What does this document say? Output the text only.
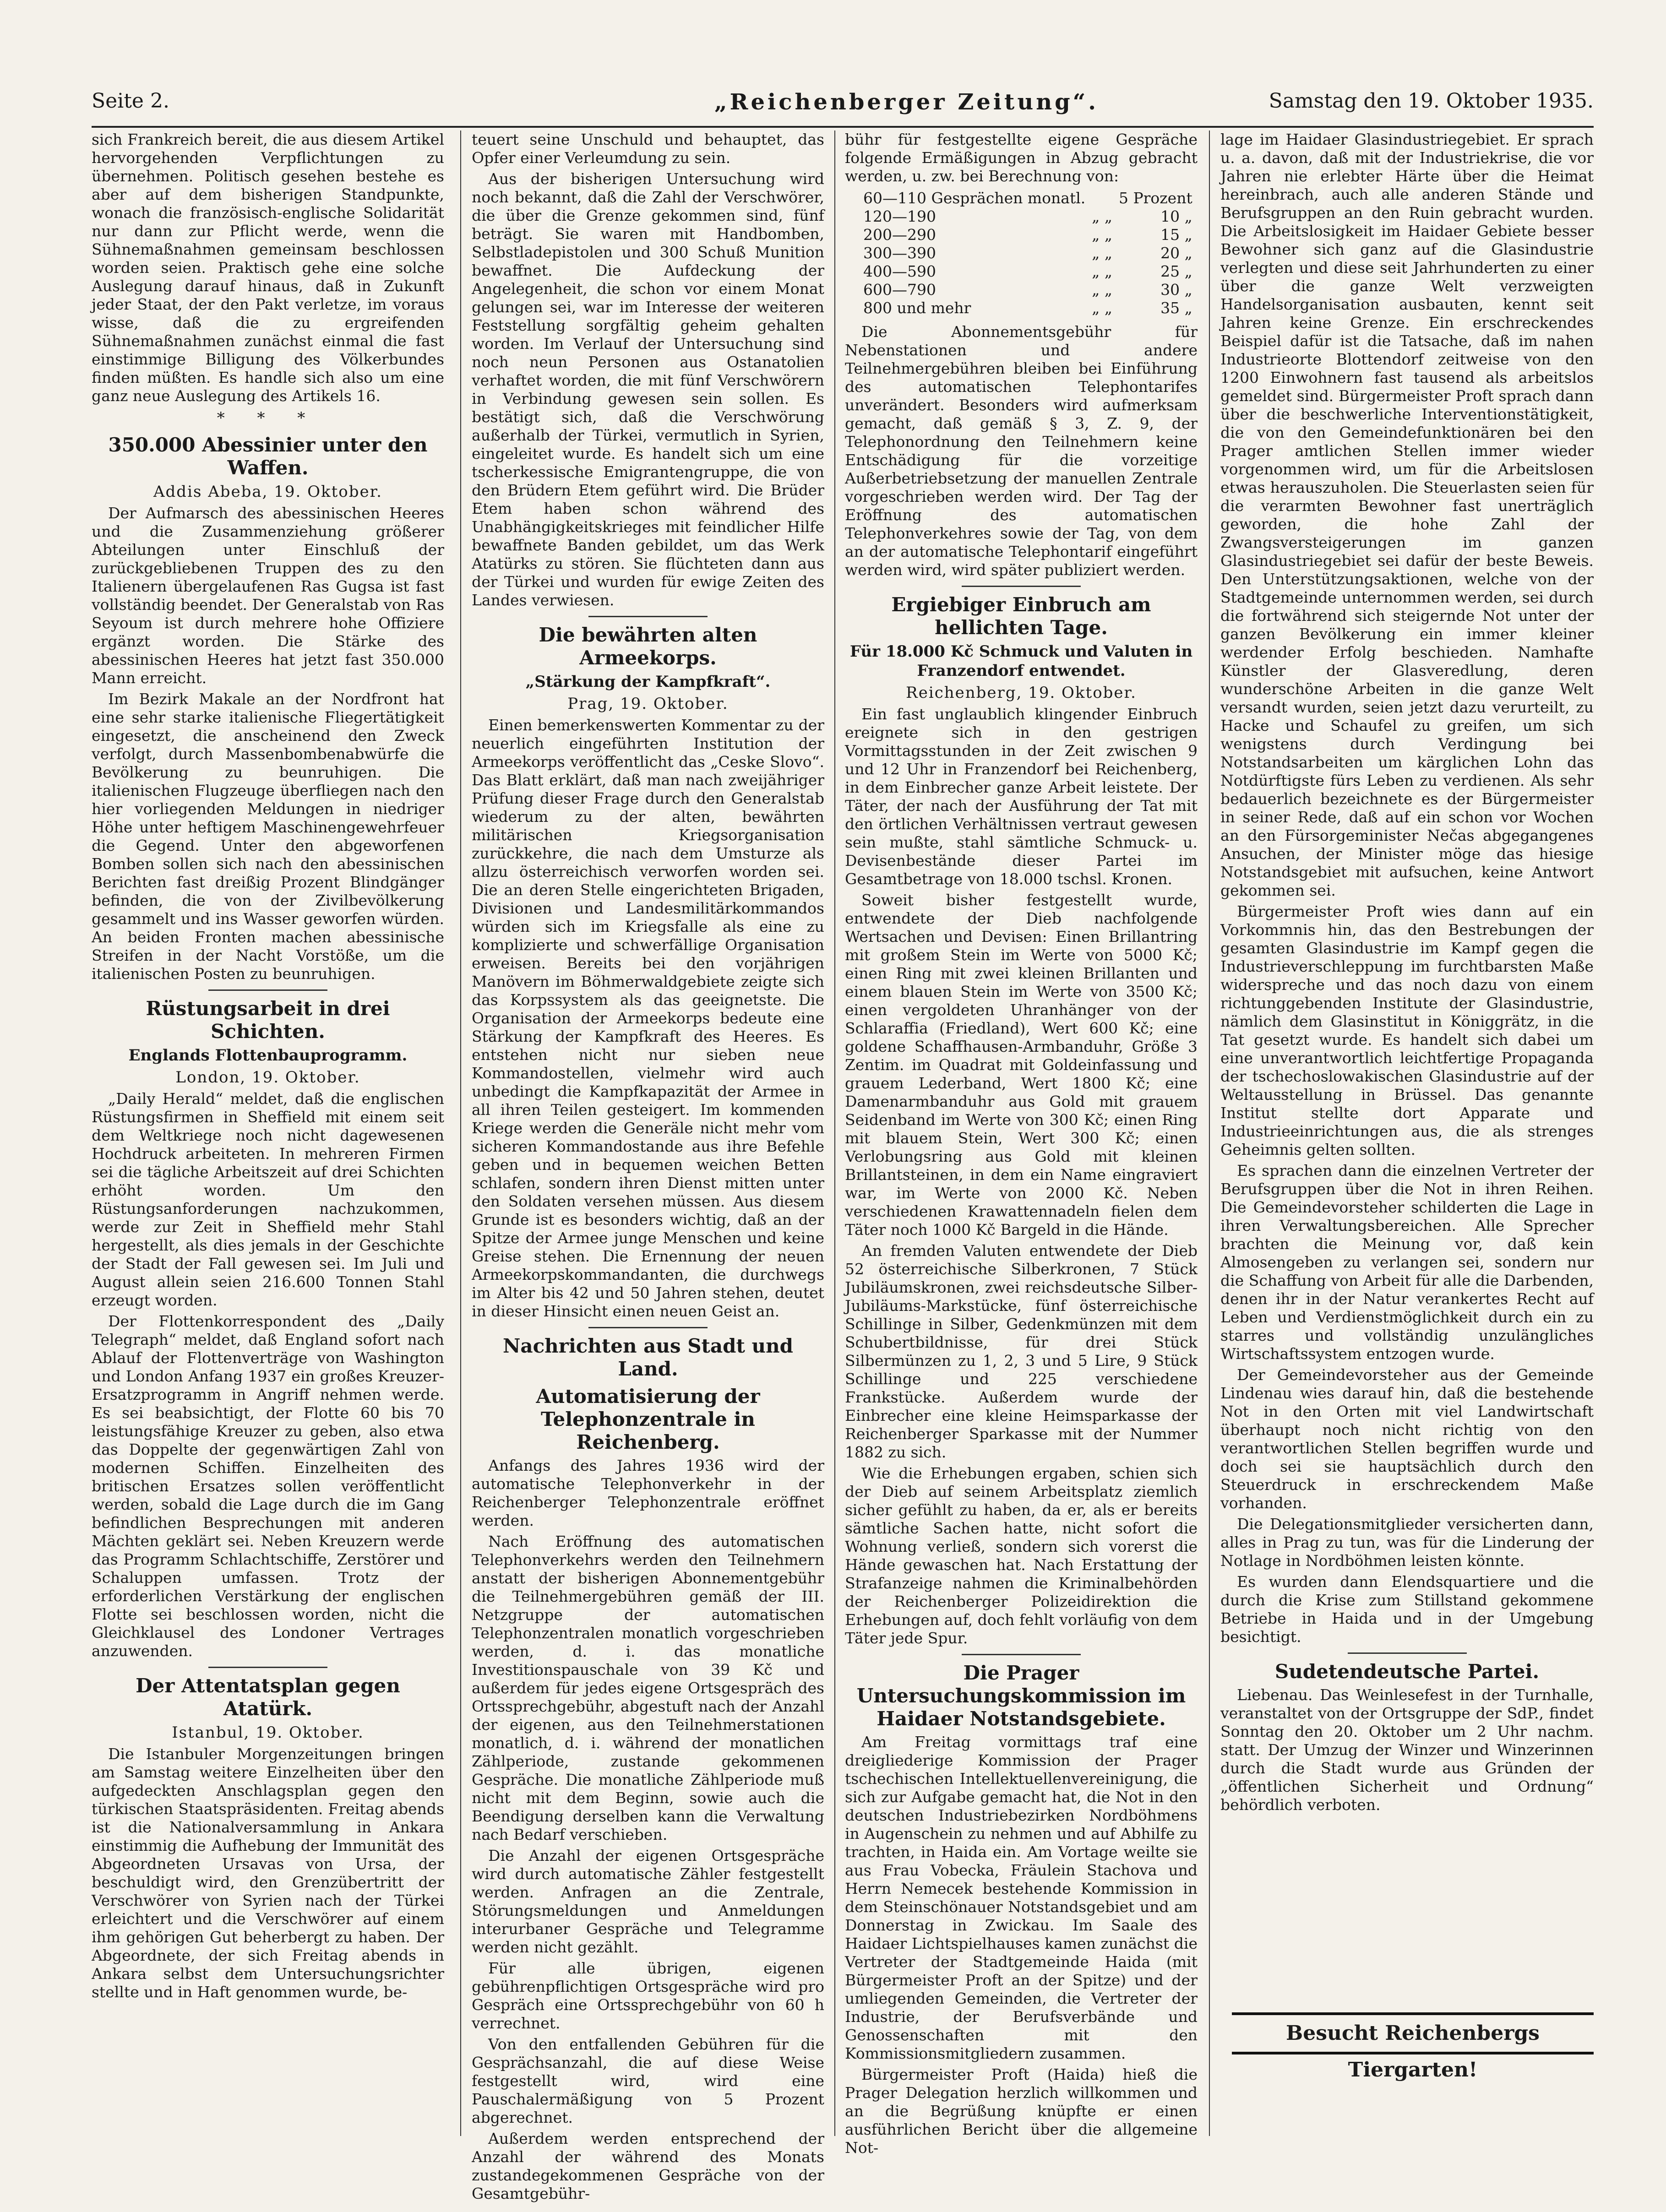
Seite 2.	„Reichenberger Zeitung“.	Samstag den 19. Oktober 1935.

sich Frankreich bereit, die aus diesem Artikel hervorgehenden Verpflichtungen zu übernehmen. Politisch gesehen bestehe es aber auf dem bisherigen Standpunkte, wonach die französisch-englische Solidarität nur dann zur Pflicht werde, wenn die Sühnemaßnahmen gemeinsam beschlossen worden seien. Praktisch gehe eine solche Auslegung darauf hinaus, daß in Zukunft jeder Staat, der den Pakt verletze, im voraus wisse, daß die zu ergreifenden Sühnemaßnahmen zunächst einmal die fast einstimmige Billigung des Völkerbundes finden müßten. Es handle sich also um eine ganz neue Auslegung des Artikels 16.

* * *
350.000 Abessinier unter den Waffen.
Addis Abeba, 19. Oktober.

Der Aufmarsch des abessinischen Heeres und die Zusammenziehung größerer Abteilungen unter Einschluß der zurückgebliebenen Truppen des zu den Italienern übergelaufenen Ras Gugsa ist fast vollständig beendet. Der Generalstab von Ras Seyoum ist durch mehrere hohe Offiziere ergänzt worden. Die Stärke des abessinischen Heeres hat jetzt fast 350.000 Mann erreicht.

Im Bezirk Makale an der Nordfront hat eine sehr starke italienische Fliegertätigkeit eingesetzt, die anscheinend den Zweck verfolgt, durch Massenbombenabwürfe die Bevölkerung zu beunruhigen. Die italienischen Flugzeuge überfliegen nach den hier vorliegenden Meldungen in niedriger Höhe unter heftigem Maschinengewehrfeuer die Gegend. Unter den abgeworfenen Bomben sollen sich nach den abessinischen Berichten fast dreißig Prozent Blindgänger befinden, die von der Zivilbevölkerung gesammelt und ins Wasser geworfen würden. An beiden Fronten machen abessinische Streifen in der Nacht Vorstöße, um die italienischen Posten zu beunruhigen.

Rüstungsarbeit in drei Schichten.
Englands Flottenbauprogramm.
London, 19. Oktober.

„Daily Herald“ meldet, daß die englischen Rüstungsfirmen in Sheffield mit einem seit dem Weltkriege noch nicht dagewesenen Hochdruck arbeiteten. In mehreren Firmen sei die tägliche Arbeitszeit auf drei Schichten erhöht worden. Um den Rüstungsanforderungen nachzukommen, werde zur Zeit in Sheffield mehr Stahl hergestellt, als dies jemals in der Geschichte der Stadt der Fall gewesen sei. Im Juli und August allein seien 216.600 Tonnen Stahl erzeugt worden.

Der Flottenkorrespondent des „Daily Telegraph“ meldet, daß England sofort nach Ablauf der Flottenverträge von Washington und London Anfang 1937 ein großes Kreuzer-Ersatzprogramm in Angriff nehmen werde. Es sei beabsichtigt, der Flotte 60 bis 70 leistungsfähige Kreuzer zu geben, also etwa das Doppelte der gegenwärtigen Zahl von modernen Schiffen. Einzelheiten des britischen Ersatzes sollen veröffentlicht werden, sobald die Lage durch die im Gang befindlichen Besprechungen mit anderen Mächten geklärt sei. Neben Kreuzern werde das Programm Schlachtschiffe, Zerstörer und Schaluppen umfassen. Trotz der erforderlichen Verstärkung der englischen Flotte sei beschlossen worden, nicht die Gleichklausel des Londoner Vertrages anzuwenden.

Der Attentatsplan gegen Atatürk.
Istanbul, 19. Oktober.

Die Istanbuler Morgenzeitungen bringen am Samstag weitere Einzelheiten über den aufgedeckten Anschlagsplan gegen den türkischen Staatspräsidenten. Freitag abends ist die Nationalversammlung in Ankara einstimmig die Aufhebung der Immunität des Abgeordneten Ursavas von Ursa, der beschuldigt wird, den Grenzübertritt der Verschwörer von Syrien nach der Türkei erleichtert und die Verschwörer auf einem ihm gehörigen Gut beherbergt zu haben. Der Abgeordnete, der sich Freitag abends in Ankara selbst dem Untersuchungsrichter stellte und in Haft genommen wurde, be-

teuert seine Unschuld und behauptet, das Opfer einer Verleumdung zu sein.

Aus der bisherigen Untersuchung wird noch bekannt, daß die Zahl der Verschwörer, die über die Grenze gekommen sind, fünf beträgt. Sie waren mit Handbomben, Selbstladepistolen und 300 Schuß Munition bewaffnet. Die Aufdeckung der Angelegenheit, die schon vor einem Monat gelungen sei, war im Interesse der weiteren Feststellung sorgfältig geheim gehalten worden. Im Verlauf der Untersuchung sind noch neun Personen aus Ostanatolien verhaftet worden, die mit fünf Verschwörern in Verbindung gewesen sein sollen. Es bestätigt sich, daß die Verschwörung außerhalb der Türkei, vermutlich in Syrien, eingeleitet wurde. Es handelt sich um eine tscherkessische Emigrantengruppe, die von den Brüdern Etem geführt wird. Die Brüder Etem haben schon während des Unabhängigkeitskrieges mit feindlicher Hilfe bewaffnete Banden gebildet, um das Werk Atatürks zu stören. Sie flüchteten dann aus der Türkei und wurden für ewige Zeiten des Landes verwiesen.

Die bewährten alten Armeekorps.
„Stärkung der Kampfkraft“.
Prag, 19. Oktober.

Einen bemerkenswerten Kommentar zu der neuerlich eingeführten Institution der Armeekorps veröffentlicht das „Ceske Slovo“. Das Blatt erklärt, daß man nach zweijähriger Prüfung dieser Frage durch den Generalstab wiederum zu der alten, bewährten militärischen Kriegsorganisation zurückkehre, die nach dem Umsturze als allzu österreichisch verworfen worden sei. Die an deren Stelle eingerichteten Brigaden, Divisionen und Landesmilitärkommandos würden sich im Kriegsfalle als eine zu komplizierte und schwerfällige Organisation erweisen. Bereits bei den vorjährigen Manövern im Böhmerwaldgebiete zeigte sich das Korpssystem als das geeignetste. Die Organisation der Armeekorps bedeute eine Stärkung der Kampfkraft des Heeres. Es entstehen nicht nur sieben neue Kommandostellen, vielmehr wird auch unbedingt die Kampfkapazität der Armee in all ihren Teilen gesteigert. Im kommenden Kriege werden die Generäle nicht mehr vom sicheren Kommandostande aus ihre Befehle geben und in bequemen weichen Betten schlafen, sondern ihren Dienst mitten unter den Soldaten versehen müssen. Aus diesem Grunde ist es besonders wichtig, daß an der Spitze der Armee junge Menschen und keine Greise stehen. Die Ernennung der neuen Armeekorpskommandanten, die durchwegs im Alter bis 42 und 50 Jahren stehen, deutet in dieser Hinsicht einen neuen Geist an.

Nachrichten aus Stadt und Land.
Automatisierung der Telephonzentrale in Reichenberg.

Anfangs des Jahres 1936 wird der automatische Telephonverkehr in der Reichenberger Telephonzentrale eröffnet werden.

Nach Eröffnung des automatischen Telephonverkehrs werden den Teilnehmern anstatt der bisherigen Abonnementgebühr die Teilnehmergebühren gemäß der III. Netzgruppe der automatischen Telephonzentralen monatlich vorgeschrieben werden, d. i. das monatliche Investitionspauschale von 39 Kč und außerdem für jedes eigene Ortsgespräch des Ortssprechgebühr, abgestuft nach der Anzahl der eigenen, aus den Teilnehmerstationen monatlich, d. i. während der monatlichen Zählperiode, zustande gekommenen Gespräche. Die monatliche Zählperiode muß nicht mit dem Beginn, sowie auch die Beendigung derselben kann die Verwaltung nach Bedarf verschieben.

Die Anzahl der eigenen Ortsgespräche wird durch automatische Zähler festgestellt werden. Anfragen an die Zentrale, Störungsmeldungen und Anmeldungen interurbaner Gespräche und Telegramme werden nicht gezählt.

Für alle übrigen, eigenen gebührenpflichtigen Ortsgespräche wird pro Gespräch eine Ortssprechgebühr von 60 h verrechnet.

Von den entfallenden Gebühren für die Gesprächsanzahl, die auf diese Weise festgestellt wird, wird eine Pauschalermäßigung von 5 Prozent abgerechnet.

Außerdem werden entsprechend der Anzahl der während des Monats zustandegekommenen Gespräche von der Gesamtgebühr-

bühr für festgestellte eigene Gespräche folgende Ermäßigungen in Abzug gebracht werden, u. zw. bei Berechnung von:

60—110 Gesprächen monatl.		5 Prozent
120—190	„ „	10 „
200—290	„ „	15 „
300—390	„ „	20 „
400—590	„ „	25 „
600—790	„ „	30 „
800 und mehr	„ „	35 „

Die Abonnementsgebühr für Nebenstationen und andere Teilnehmergebühren bleiben bei Einführung des automatischen Telephontarifes unverändert. Besonders wird aufmerksam gemacht, daß gemäß § 3, Z. 9, der Telephonordnung den Teilnehmern keine Entschädigung für die vorzeitige Außerbetriebsetzung der manuellen Zentrale vorgeschrieben werden wird. Der Tag der Eröffnung des automatischen Telephonverkehres sowie der Tag, von dem an der automatische Telephontarif eingeführt werden wird, wird später publiziert werden.

Ergiebiger Einbruch am hellichten Tage.
Für 18.000 Kč Schmuck und Valuten in Franzendorf entwendet.
Reichenberg, 19. Oktober.

Ein fast unglaublich klingender Einbruch ereignete sich in den gestrigen Vormittagsstunden in der Zeit zwischen 9 und 12 Uhr in Franzendorf bei Reichenberg, in dem Einbrecher ganze Arbeit leistete. Der Täter, der nach der Ausführung der Tat mit den örtlichen Verhältnissen vertraut gewesen sein mußte, stahl sämtliche Schmuck- u. Devisenbestände dieser Partei im Gesamtbetrage von 18.000 tschsl. Kronen.

Soweit bisher festgestellt wurde, entwendete der Dieb nachfolgende Wertsachen und Devisen: Einen Brillantring mit großem Stein im Werte von 5000 Kč; einen Ring mit zwei kleinen Brillanten und einem blauen Stein im Werte von 3500 Kč; einen vergoldeten Uhranhänger von der Schlaraffia (Friedland), Wert 600 Kč; eine goldene Schaffhausen-Armbanduhr, Größe 3 Zentim. im Quadrat mit Goldeinfassung und grauem Lederband, Wert 1800 Kč; eine Damenarmbanduhr aus Gold mit grauem Seidenband im Werte von 300 Kč; einen Ring mit blauem Stein, Wert 300 Kč; einen Verlobungsring aus Gold mit kleinen Brillantsteinen, in dem ein Name eingraviert war, im Werte von 2000 Kč. Neben verschiedenen Krawattennadeln fielen dem Täter noch 1000 Kč Bargeld in die Hände.

An fremden Valuten entwendete der Dieb 52 österreichische Silberkronen, 7 Stück Jubiläumskronen, zwei reichsdeutsche Silber-Jubiläums-Markstücke, fünf österreichische Schillinge in Silber, Gedenkmünzen mit dem Schubertbildnisse, für drei Stück Silbermünzen zu 1, 2, 3 und 5 Lire, 9 Stück Schillinge und 225 verschiedene Frankstücke. Außerdem wurde der Einbrecher eine kleine Heimsparkasse der Reichenberger Sparkasse mit der Nummer 1882 zu sich.

Wie die Erhebungen ergaben, schien sich der Dieb auf seinem Arbeitsplatz ziemlich sicher gefühlt zu haben, da er, als er bereits sämtliche Sachen hatte, nicht sofort die Wohnung verließ, sondern sich vorerst die Hände gewaschen hat. Nach Erstattung der Strafanzeige nahmen die Kriminalbehörden der Reichenberger Polizeidirektion die Erhebungen auf, doch fehlt vorläufig von dem Täter jede Spur.

Die Prager Untersuchungskommission im Haidaer Notstandsgebiete.

Am Freitag vormittags traf eine dreigliederige Kommission der Prager tschechischen Intellektuellenvereinigung, die sich zur Aufgabe gemacht hat, die Not in den deutschen Industriebezirken Nordböhmens in Augenschein zu nehmen und auf Abhilfe zu trachten, in Haida ein. Am Vortage weilte sie aus Frau Vobecka, Fräulein Stachova und Herrn Nemecek bestehende Kommission in dem Steinschönauer Notstandsgebiet und am Donnerstag in Zwickau. Im Saale des Haidaer Lichtspielhauses kamen zunächst die Vertreter der Stadtgemeinde Haida (mit Bürgermeister Proft an der Spitze) und der umliegenden Gemeinden, die Vertreter der Industrie, der Berufsverbände und Genossenschaften mit den Kommissionsmitgliedern zusammen.

Bürgermeister Proft (Haida) hieß die Prager Delegation herzlich willkommen und an die Begrüßung knüpfte er einen ausführlichen Bericht über die allgemeine Not-

lage im Haidaer Glasindustriegebiet. Er sprach u. a. davon, daß mit der Industriekrise, die vor Jahren nie erlebter Härte über die Heimat hereinbrach, auch alle anderen Stände und Berufsgruppen an den Ruin gebracht wurden. Die Arbeitslosigkeit im Haidaer Gebiete besser Bewohner sich ganz auf die Glasindustrie verlegten und diese seit Jahrhunderten zu einer über die ganze Welt verzweigten Handelsorganisation ausbauten, kennt seit Jahren keine Grenze. Ein erschreckendes Beispiel dafür ist die Tatsache, daß im nahen Industrieorte Blottendorf zeitweise von den 1200 Einwohnern fast tausend als arbeitslos gemeldet sind. Bürgermeister Proft sprach dann über die beschwerliche Interventionstätigkeit, die von den Gemeindefunktionären bei den Prager amtlichen Stellen immer wieder vorgenommen wird, um für die Arbeitslosen etwas herauszuholen. Die Steuerlasten seien für die verarmten Bewohner fast unerträglich geworden, die hohe Zahl der Zwangsversteigerungen im ganzen Glasindustriegebiet sei dafür der beste Beweis. Den Unterstützungsaktionen, welche von der Stadtgemeinde unternommen werden, sei durch die fortwährend sich steigernde Not unter der ganzen Bevölkerung ein immer kleiner werdender Erfolg beschieden. Namhafte Künstler der Glasveredlung, deren wunderschöne Arbeiten in die ganze Welt versandt wurden, seien jetzt dazu verurteilt, zu Hacke und Schaufel zu greifen, um sich wenigstens durch Verdingung bei Notstandsarbeiten um kärglichen Lohn das Notdürftigste fürs Leben zu verdienen. Als sehr bedauerlich bezeichnete es der Bürgermeister in seiner Rede, daß auf ein schon vor Wochen an den Fürsorgeminister Nečas abgegangenes Ansuchen, der Minister möge das hiesige Notstandsgebiet mit aufsuchen, keine Antwort gekommen sei.

Bürgermeister Proft wies dann auf ein Vorkommnis hin, das den Bestrebungen der gesamten Glasindustrie im Kampf gegen die Industrieverschleppung im furchtbarsten Maße widerspreche und das noch dazu von einem richtunggebenden Institute der Glasindustrie, nämlich dem Glasinstitut in Königgrätz, in die Tat gesetzt wurde. Es handelt sich dabei um eine unverantwortlich leichtfertige Propaganda der tschechoslowakischen Glasindustrie auf der Weltausstellung in Brüssel. Das genannte Institut stellte dort Apparate und Industrieeinrichtungen aus, die als strenges Geheimnis gelten sollten.

Es sprachen dann die einzelnen Vertreter der Berufsgruppen über die Not in ihren Reihen. Die Gemeindevorsteher schilderten die Lage in ihren Verwaltungsbereichen. Alle Sprecher brachten die Meinung vor, daß kein Almosengeben zu verlangen sei, sondern nur die Schaffung von Arbeit für alle die Darbenden, denen ihr in der Natur verankertes Recht auf Leben und Verdienstmöglichkeit durch ein zu starres und vollständig unzulängliches Wirtschaftssystem entzogen wurde.

Der Gemeindevorsteher aus der Gemeinde Lindenau wies darauf hin, daß die bestehende Not in den Orten mit viel Landwirtschaft überhaupt noch nicht richtig von den verantwortlichen Stellen begriffen wurde und doch sei sie hauptsächlich durch den Steuerdruck in erschreckendem Maße vorhanden.

Die Delegationsmitglieder versicherten dann, alles in Prag zu tun, was für die Linderung der Notlage in Nordböhmen leisten könnte.

Es wurden dann Elendsquartiere und die durch die Krise zum Stillstand gekommene Betriebe in Haida und in der Umgebung besichtigt.

Sudetendeutsche Partei.

Liebenau. Das Weinlesefest in der Turnhalle, veranstaltet von der Ortsgruppe der SdP., findet Sonntag den 20. Oktober um 2 Uhr nachm. statt. Der Umzug der Winzer und Winzerinnen durch die Stadt wurde aus Gründen der „öffentlichen Sicherheit und Ordnung“ behördlich verboten.

Besucht Reichenbergs Tiergarten!
